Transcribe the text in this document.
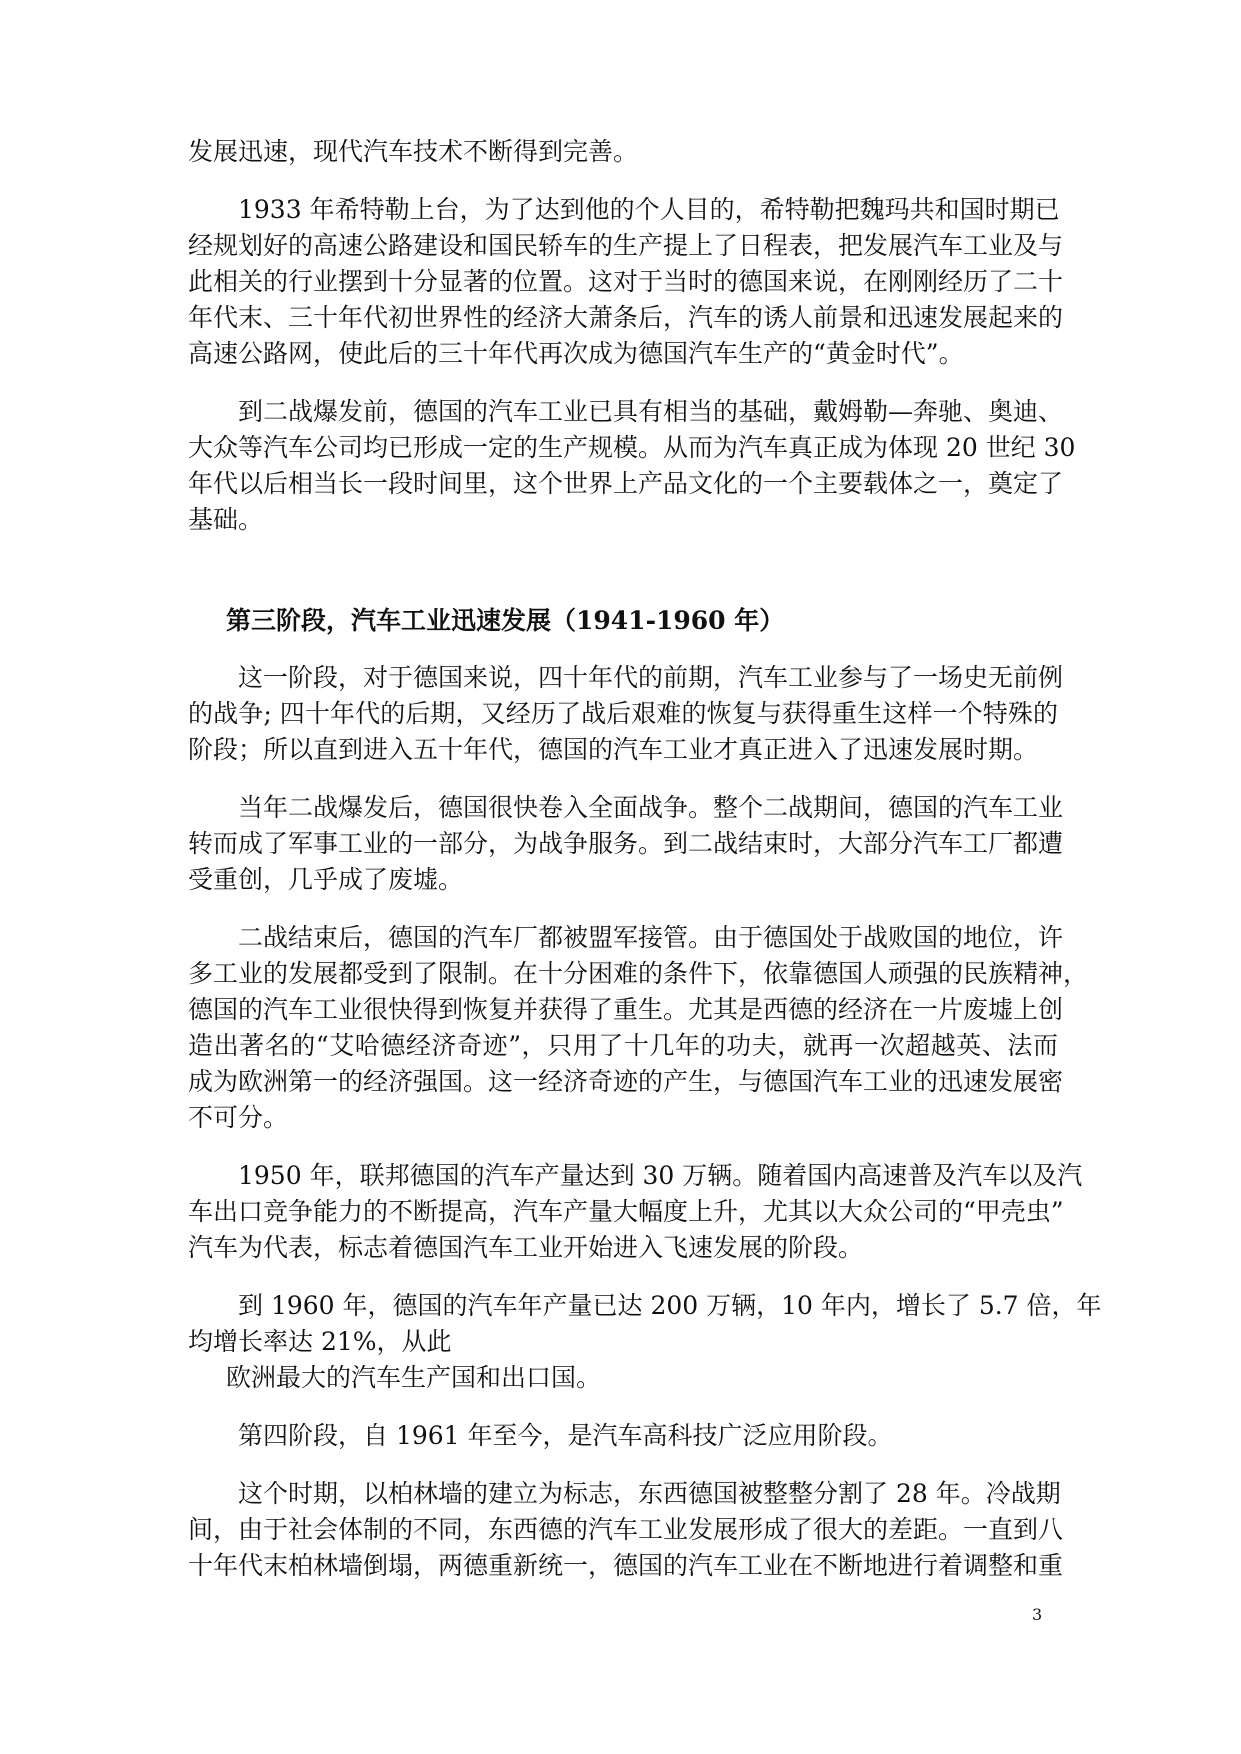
发展迅速，现代汽车技术不断得到完善。
1933 年希特勒上台，为了达到他的个人目的，希特勒把魏玛共和国时期已
经规划好的高速公路建设和国民轿车的生产提上了日程表，把发展汽车工业及与
此相关的行业摆到十分显著的位置。这对于当时的德国来说，在刚刚经历了二十
年代末、三十年代初世界性的经济大萧条后，汽车的诱人前景和迅速发展起来的
高速公路网，使此后的三十年代再次成为德国汽车生产的“黄金时代”。
到二战爆发前，德国的汽车工业已具有相当的基础，戴姆勒—奔驰、奥迪、
大众等汽车公司均已形成一定的生产规模。从而为汽车真正成为体现 20 世纪 30
年代以后相当长一段时间里，这个世界上产品文化的一个主要载体之一，奠定了
基础。
第三阶段，汽车工业迅速发展（1941-1960 年）
这一阶段，对于德国来说，四十年代的前期，汽车工业参与了一场史无前例
的战争; 四十年代的后期，又经历了战后艰难的恢复与获得重生这样一个特殊的
阶段；所以直到进入五十年代，德国的汽车工业才真正进入了迅速发展时期。
当年二战爆发后，德国很快卷入全面战争。整个二战期间，德国的汽车工业
转而成了军事工业的一部分，为战争服务。到二战结束时，大部分汽车工厂都遭
受重创，几乎成了废墟。
二战结束后，德国的汽车厂都被盟军接管。由于德国处于战败国的地位，许
多工业的发展都受到了限制。在十分困难的条件下，依靠德国人顽强的民族精神，
德国的汽车工业很快得到恢复并获得了重生。尤其是西德的经济在一片废墟上创
造出著名的“艾哈德经济奇迹”，只用了十几年的功夫，就再一次超越英、法而
成为欧洲第一的经济强国。这一经济奇迹的产生，与德国汽车工业的迅速发展密
不可分。
1950 年，联邦德国的汽车产量达到 30 万辆。随着国内高速普及汽车以及汽
车出口竞争能力的不断提高，汽车产量大幅度上升，尤其以大众公司的“甲壳虫”
汽车为代表，标志着德国汽车工业开始进入飞速发展的阶段。
到 1960 年，德国的汽车年产量已达 200 万辆，10 年内，增长了 5.7 倍，年
均增长率达 21%，从此
欧洲最大的汽车生产国和出口国。
第四阶段，自 1961 年至今，是汽车高科技广泛应用阶段。
这个时期，以柏林墙的建立为标志，东西德国被整整分割了 28 年。冷战期
间，由于社会体制的不同，东西德的汽车工业发展形成了很大的差距。一直到八
十年代末柏林墙倒塌，两德重新统一，德国的汽车工业在不断地进行着调整和重
3
